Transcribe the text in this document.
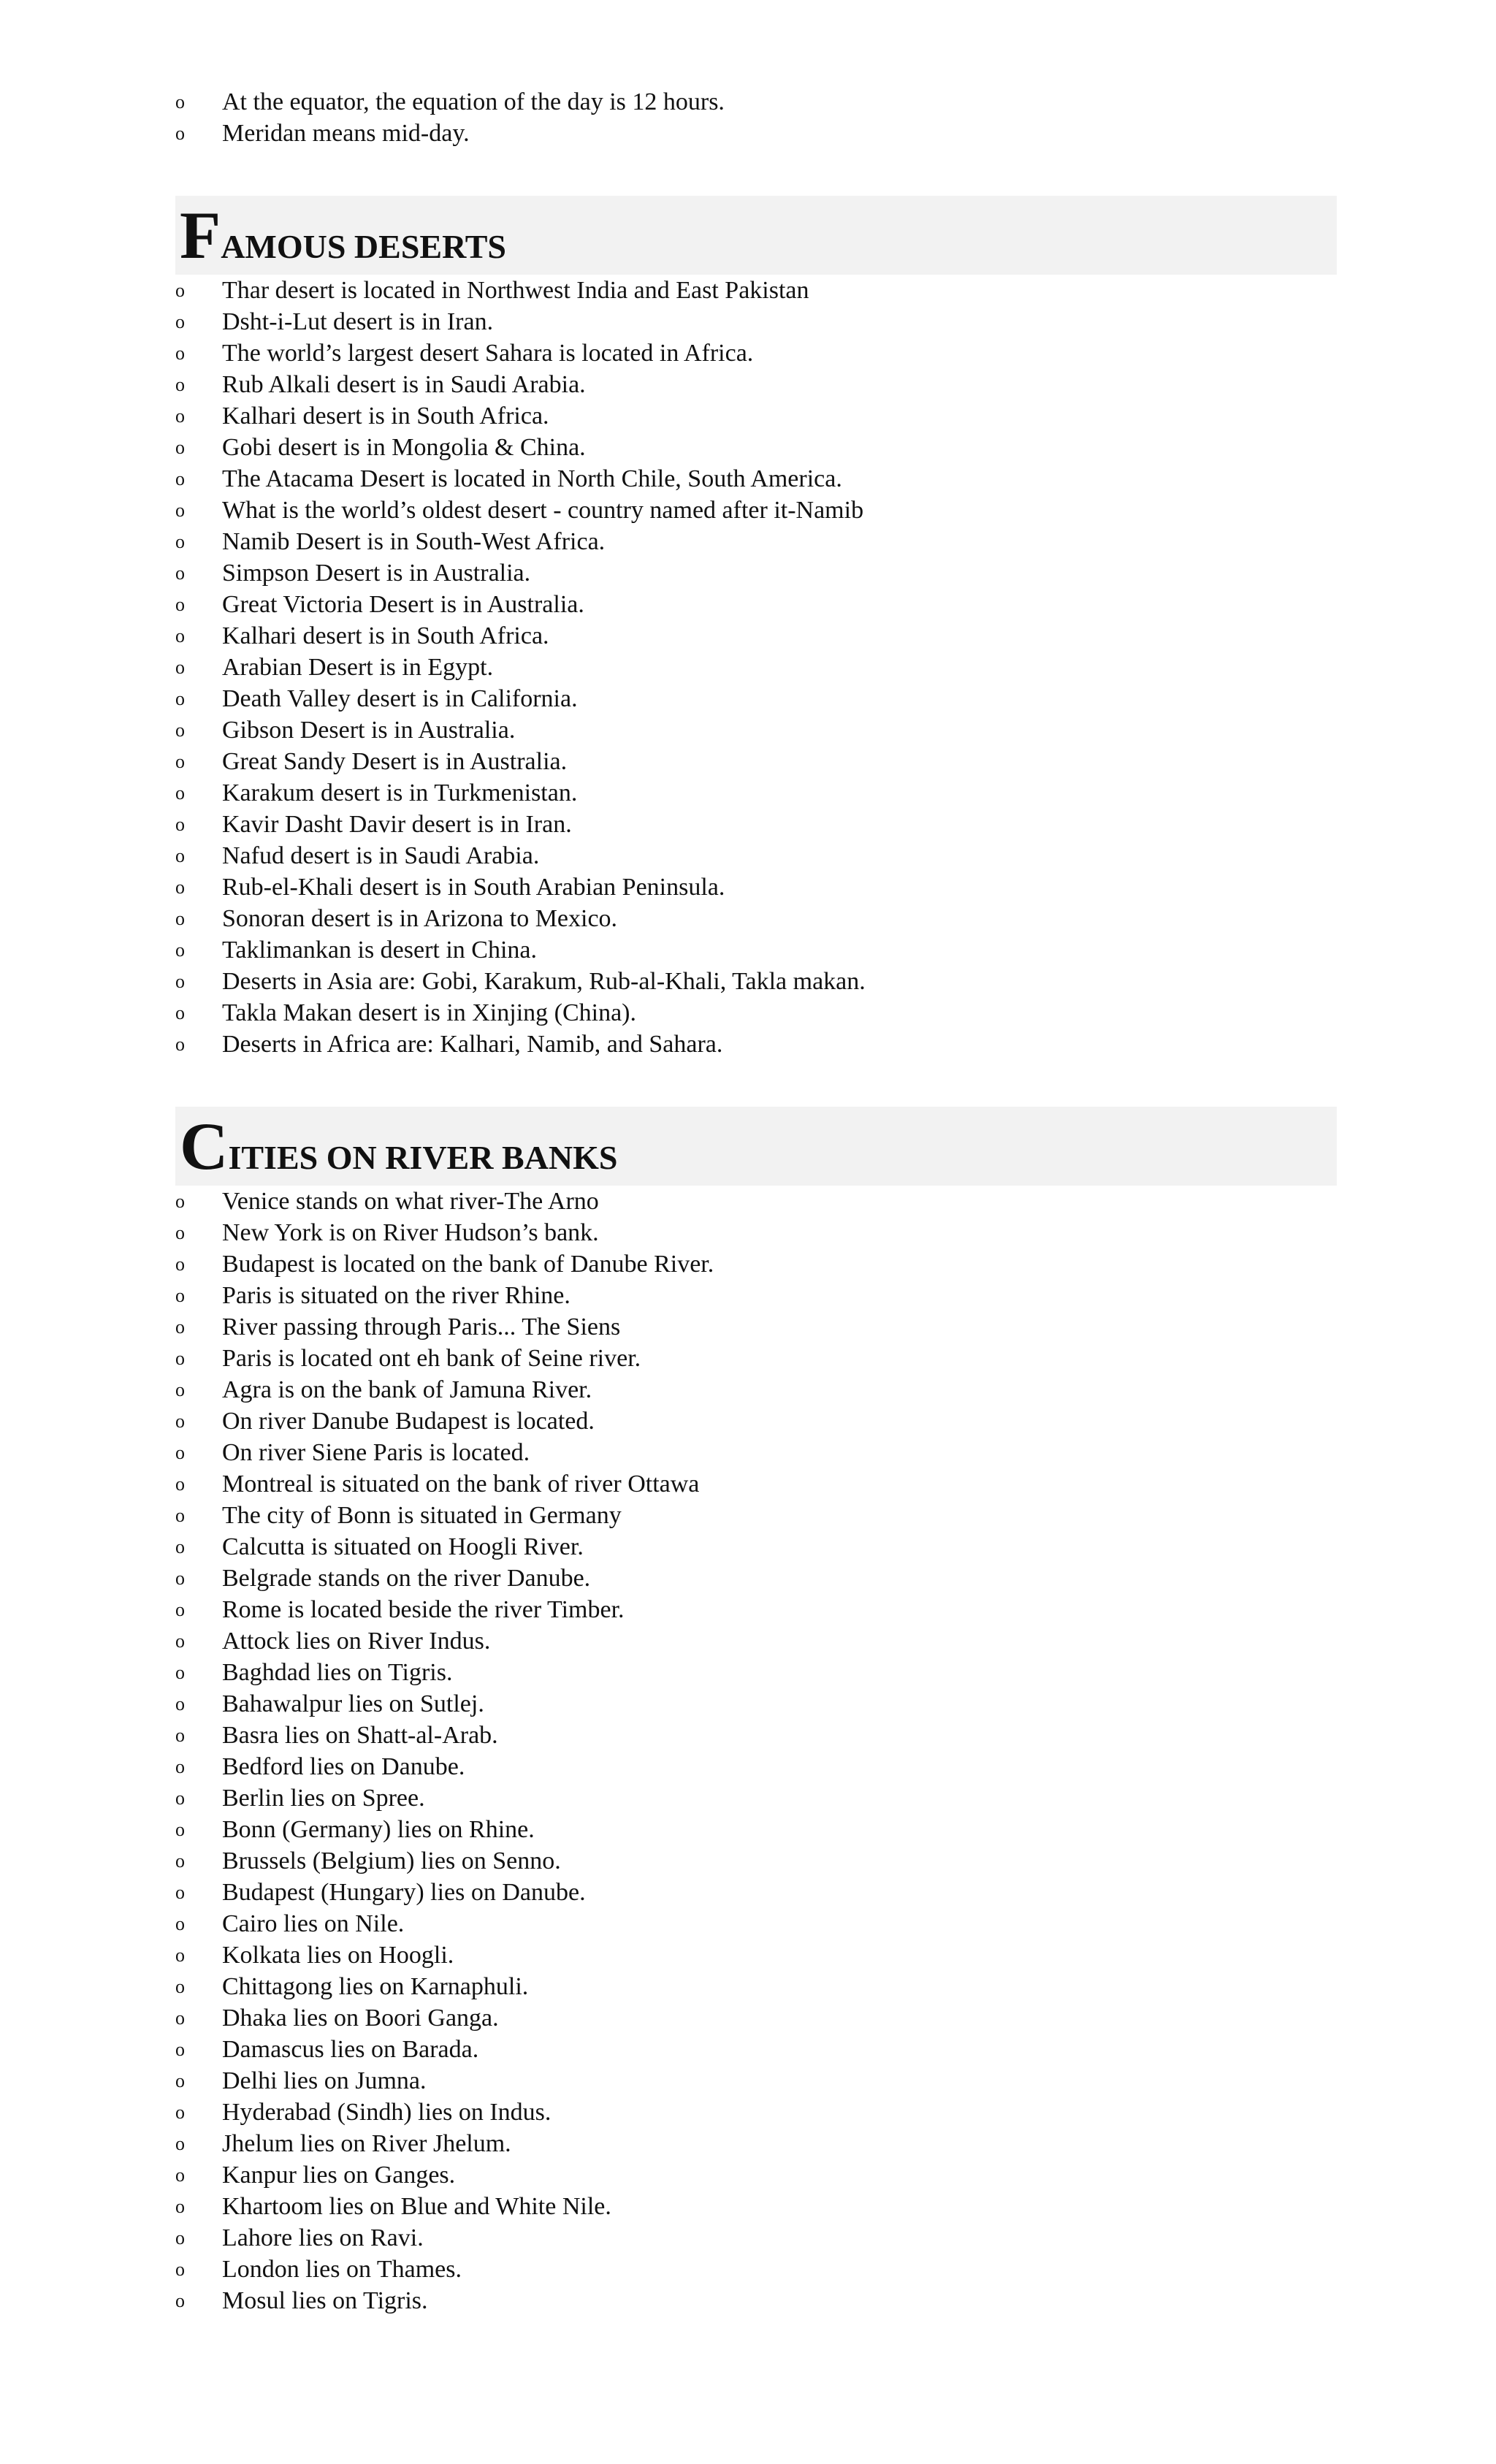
o	At the equator, the equation of the day is 12 hours.
o	Meridan means mid-day.
FAMOUS DESERTS
o	Thar desert is located in Northwest India and East Pakistan
o	Dsht-i-Lut desert is in Iran.
o	The world’s largest desert Sahara is located in Africa.
o	Rub Alkali desert is in Saudi Arabia.
o	Kalhari desert is in South Africa.
o	Gobi desert is in Mongolia & China.
o	The Atacama Desert is located in North Chile, South America.
o	What is the world’s oldest desert - country named after it-Namib
o	Namib Desert is in South-West Africa.
o	Simpson Desert is in Australia.
o	Great Victoria Desert is in Australia.
o	Kalhari desert is in South Africa.
o	Arabian Desert is in Egypt.
o	Death Valley desert is in California.
o	Gibson Desert is in Australia.
o	Great Sandy Desert is in Australia.
o	Karakum desert is in Turkmenistan.
o	Kavir Dasht Davir desert is in Iran.
o	Nafud desert is in Saudi Arabia.
o	Rub-el-Khali desert is in South Arabian Peninsula.
o	Sonoran desert is in Arizona to Mexico.
o	Taklimankan is desert in China.
o	Deserts in Asia are: Gobi, Karakum, Rub-al-Khali, Takla makan.
o	Takla Makan desert is in Xinjing (China).
o	Deserts in Africa are: Kalhari, Namib, and Sahara.
CITIES ON RIVER BANKS
o	Venice stands on what river-The Arno
o	New York is on River Hudson’s bank.
o	Budapest is located on the bank of Danube River.
o	Paris is situated on the river Rhine.
o	River passing through Paris... The Siens
o	Paris is located ont eh bank of Seine river.
o	Agra is on the bank of Jamuna River.
o	On river Danube Budapest is located.
o	On river Siene Paris is located.
o	Montreal is situated on the bank of river Ottawa
o	The city of Bonn is situated in Germany
o	Calcutta is situated on Hoogli River.
o	Belgrade stands on the river Danube.
o	Rome is located beside the river Timber.
o	Attock lies on River Indus.
o	Baghdad lies on Tigris.
o	Bahawalpur lies on Sutlej.
o	Basra lies on Shatt-al-Arab.
o	Bedford lies on Danube.
o	Berlin lies on Spree.
o	Bonn (Germany) lies on Rhine.
o	Brussels (Belgium) lies on Senno.
o	Budapest (Hungary) lies on Danube.
o	Cairo lies on Nile.
o	Kolkata lies on Hoogli.
o	Chittagong lies on Karnaphuli.
o	Dhaka lies on Boori Ganga.
o	Damascus lies on Barada.
o	Delhi lies on Jumna.
o	Hyderabad (Sindh) lies on Indus.
o	Jhelum lies on River Jhelum.
o	Kanpur lies on Ganges.
o	Khartoom lies on Blue and White Nile.
o	Lahore lies on Ravi.
o	London lies on Thames.
o	Mosul lies on Tigris.
